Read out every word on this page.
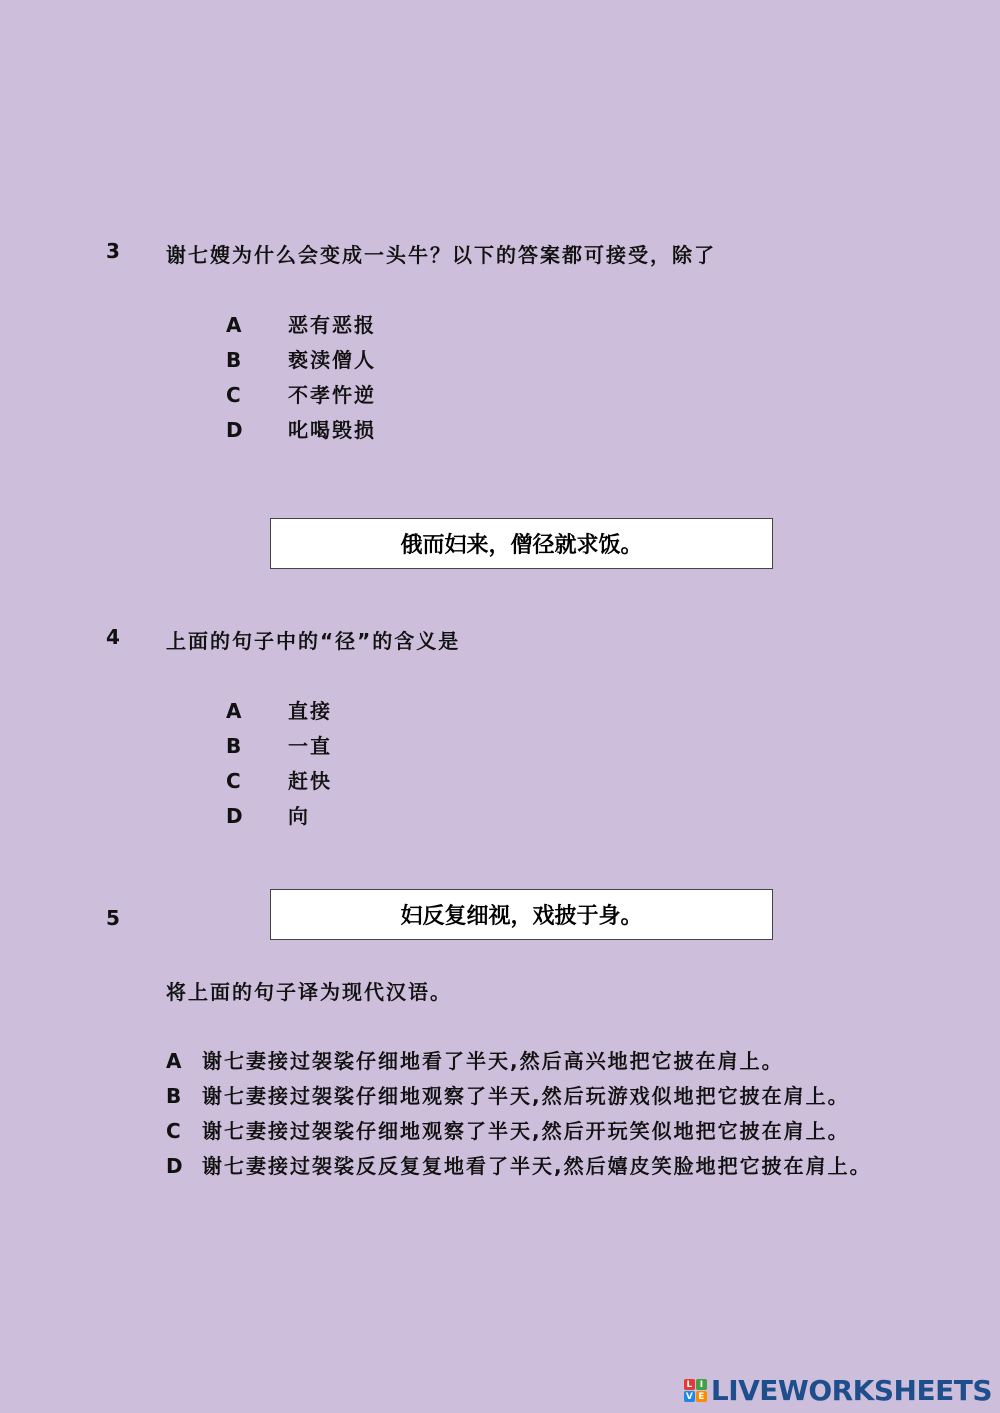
3 谢七嫂为什么会变成一头牛？以下的答案都可接受，除了
A 恶有恶报
B 亵渎僧人
C 不孝忤逆
D 叱喝毁损
俄而妇来，僧径就求饭。
4 上面的句子中的“径”的含义是
A 直接
B 一直
C 赶快
D 向
5	妇反复细视，戏披于身。
将上面的句子译为现代汉语。
A 谢七妻接过袈裟仔细地看了半天,然后高兴地把它披在肩上。
B 谢七妻接过袈裟仔细地观察了半天,然后玩游戏似地把它披在肩上。
C 谢七妻接过袈裟仔细地观察了半天,然后开玩笑似地把它披在肩上。
D 谢七妻接过袈裟反反复复地看了半天,然后嬉皮笑脸地把它披在肩上。
L I
V E LIVEWORKSHEETS
